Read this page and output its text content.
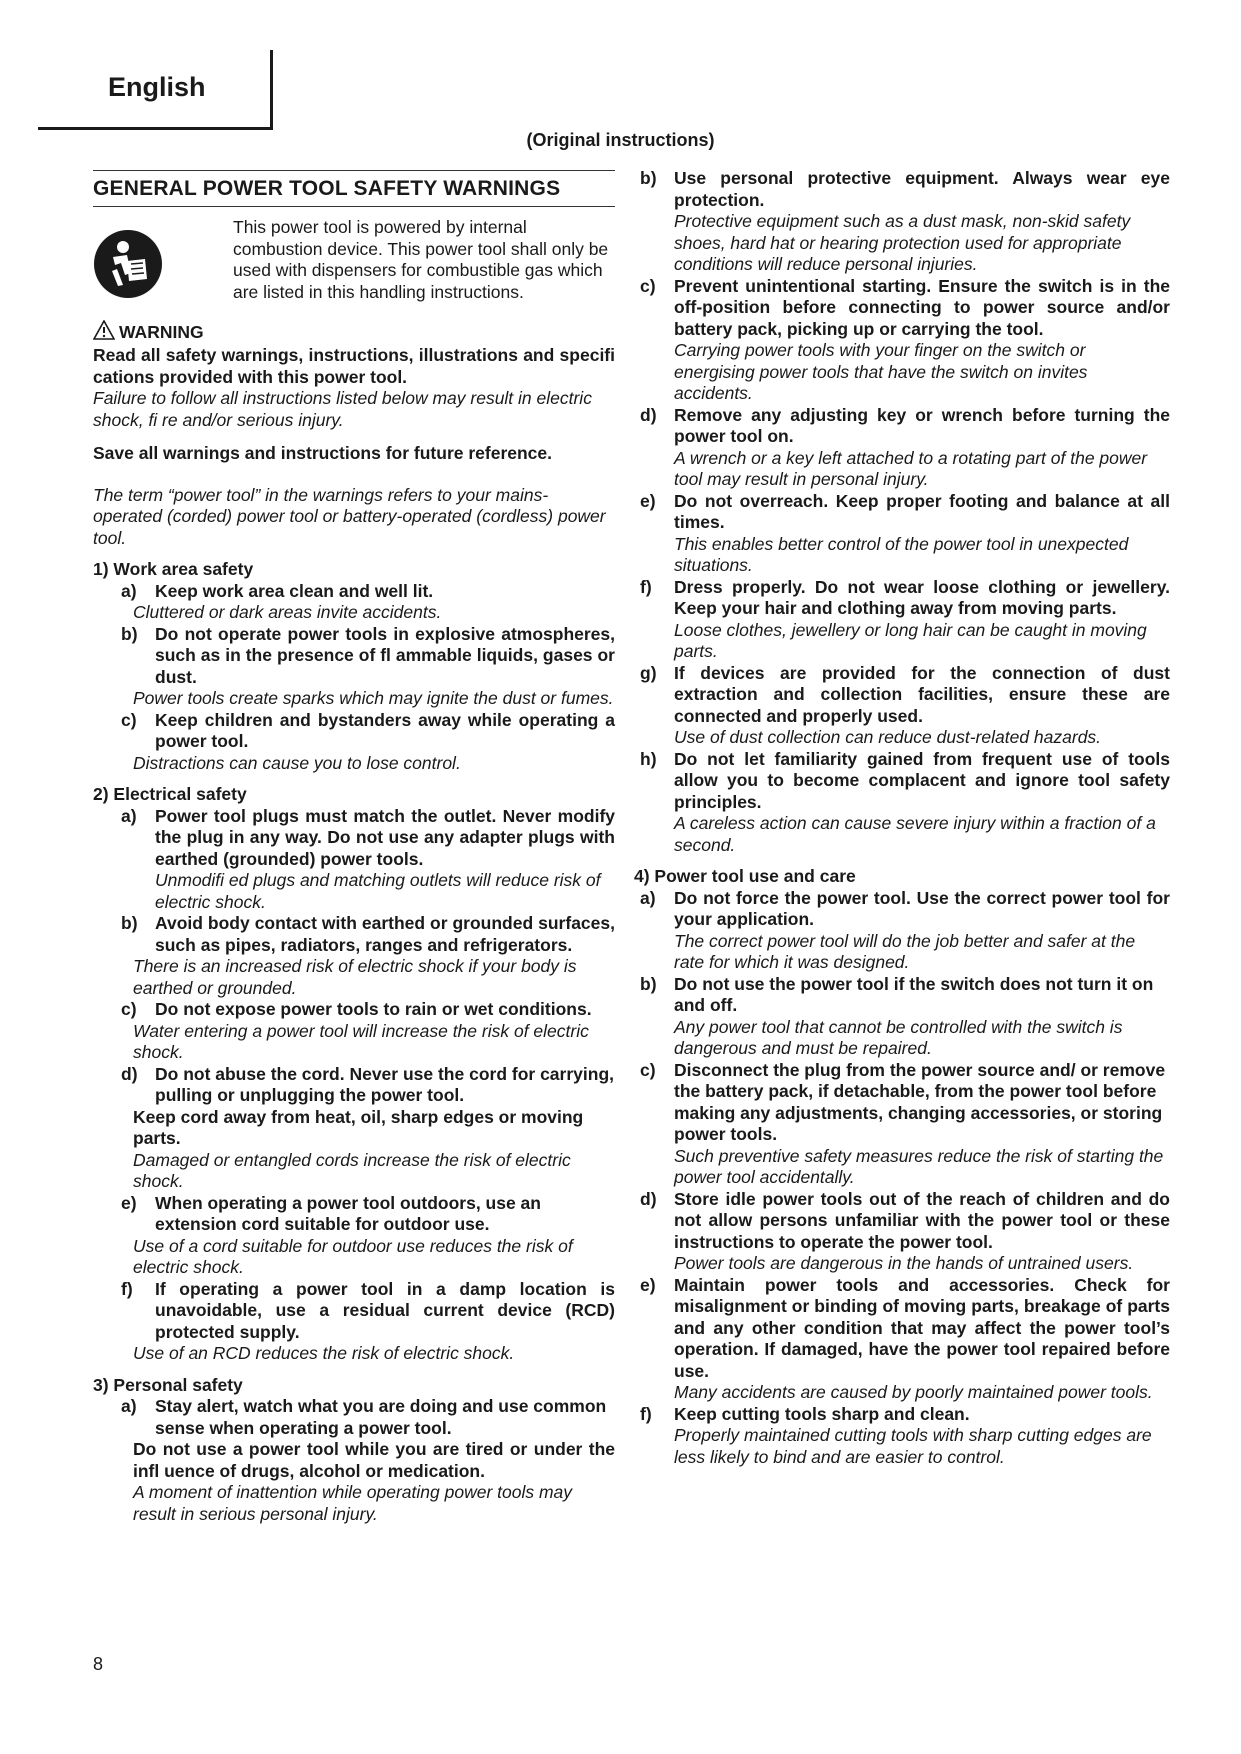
English
(Original instructions)
GENERAL POWER TOOL SAFETY WARNINGS

This power tool is powered by internal combustion device. This power tool shall only be used with dispensers for combustible gas which are listed in this handling instructions.

WARNING

Read all safety warnings, instructions, illustrations and specifi cations provided with this power tool.

Failure to follow all instructions listed below may result in electric shock, fi re and/or serious injury.

Save all warnings and instructions for future reference.

The term “power tool” in the warnings refers to your mains-operated (corded) power tool or battery-operated (cordless) power tool.

1) Work area safety

a)	Keep work area clean and well lit.

Cluttered or dark areas invite accidents.

b) Do not operate power tools in explosive atmospheres, such as in the presence of fl ammable liquids, gases or dust.

Power tools create sparks which may ignite the dust or fumes.

c)	Keep children and bystanders away while operating a power tool.

Distractions can cause you to lose control.

2) Electrical safety

a)	Power tool plugs must match the outlet. Never modify the plug in any way. Do not use any adapter plugs with earthed (grounded) power tools.

Unmodifi ed plugs and matching outlets will reduce risk of electric shock.

b) Avoid body contact with earthed or grounded surfaces, such as pipes, radiators, ranges and refrigerators.

There is an increased risk of electric shock if your body is earthed or grounded.

c)	Do not expose power tools to rain or wet conditions.

Water entering a power tool will increase the risk of electric shock.

d) Do not abuse the cord. Never use the cord for carrying, pulling or unplugging the power tool.

Keep cord away from heat, oil, sharp edges or moving parts.

Damaged or entangled cords increase the risk of electric shock.

e)	When operating a power tool outdoors, use an extension cord suitable for outdoor use.

Use of a cord suitable for outdoor use reduces the risk of electric shock.

f)	If operating a power tool in a damp location is unavoidable, use a residual current device (RCD) protected supply.

Use of an RCD reduces the risk of electric shock.

3) Personal safety

a)	Stay alert, watch what you are doing and use common sense when operating a power tool.

Do not use a power tool while you are tired or under the infl uence of drugs, alcohol or medication.

A moment of inattention while operating power tools may result in serious personal injury.

b) Use personal protective equipment. Always wear eye protection.

Protective equipment such as a dust mask, non-skid safety shoes, hard hat or hearing protection used for appropriate conditions will reduce personal injuries.

c)	Prevent unintentional starting. Ensure the switch is in the off-position before connecting to power source and/or battery pack, picking up or carrying the tool.

Carrying power tools with your finger on the switch or energising power tools that have the switch on invites accidents.

d) Remove any adjusting key or wrench before turning the power tool on.

A wrench or a key left attached to a rotating part of the power tool may result in personal injury.

e)	Do not overreach. Keep proper footing and balance at all times.

This enables better control of the power tool in unexpected situations.

f)	Dress properly. Do not wear loose clothing or jewellery. Keep your hair and clothing away from moving parts.

Loose clothes, jewellery or long hair can be caught in moving parts.

g) If devices are provided for the connection of dust extraction and collection facilities, ensure these are connected and properly used.

Use of dust collection can reduce dust-related hazards.

h) Do not let familiarity gained from frequent use of tools allow you to become complacent and ignore tool safety principles.

A careless action can cause severe injury within a fraction of a second.

4) Power tool use and care

a)	Do not force the power tool. Use the correct power tool for your application.

The correct power tool will do the job better and safer at the rate for which it was designed.

b) Do not use the power tool if the switch does not turn it on and off.

Any power tool that cannot be controlled with the switch is dangerous and must be repaired.

c)	Disconnect the plug from the power source and/ or remove the battery pack, if detachable, from the power tool before making any adjustments, changing accessories, or storing power tools.

Such preventive safety measures reduce the risk of starting the power tool accidentally.

d) Store idle power tools out of the reach of children and do not allow persons unfamiliar with the power tool or these instructions to operate the power tool.

Power tools are dangerous in the hands of untrained users.

e)	Maintain power tools and accessories. Check for misalignment or binding of moving parts, breakage of parts and any other condition that may affect the power tool’s operation. If damaged, have the power tool repaired before use.

Many accidents are caused by poorly maintained power tools.

f)	Keep cutting tools sharp and clean.

Properly maintained cutting tools with sharp cutting edges are less likely to bind and are easier to control.

8
